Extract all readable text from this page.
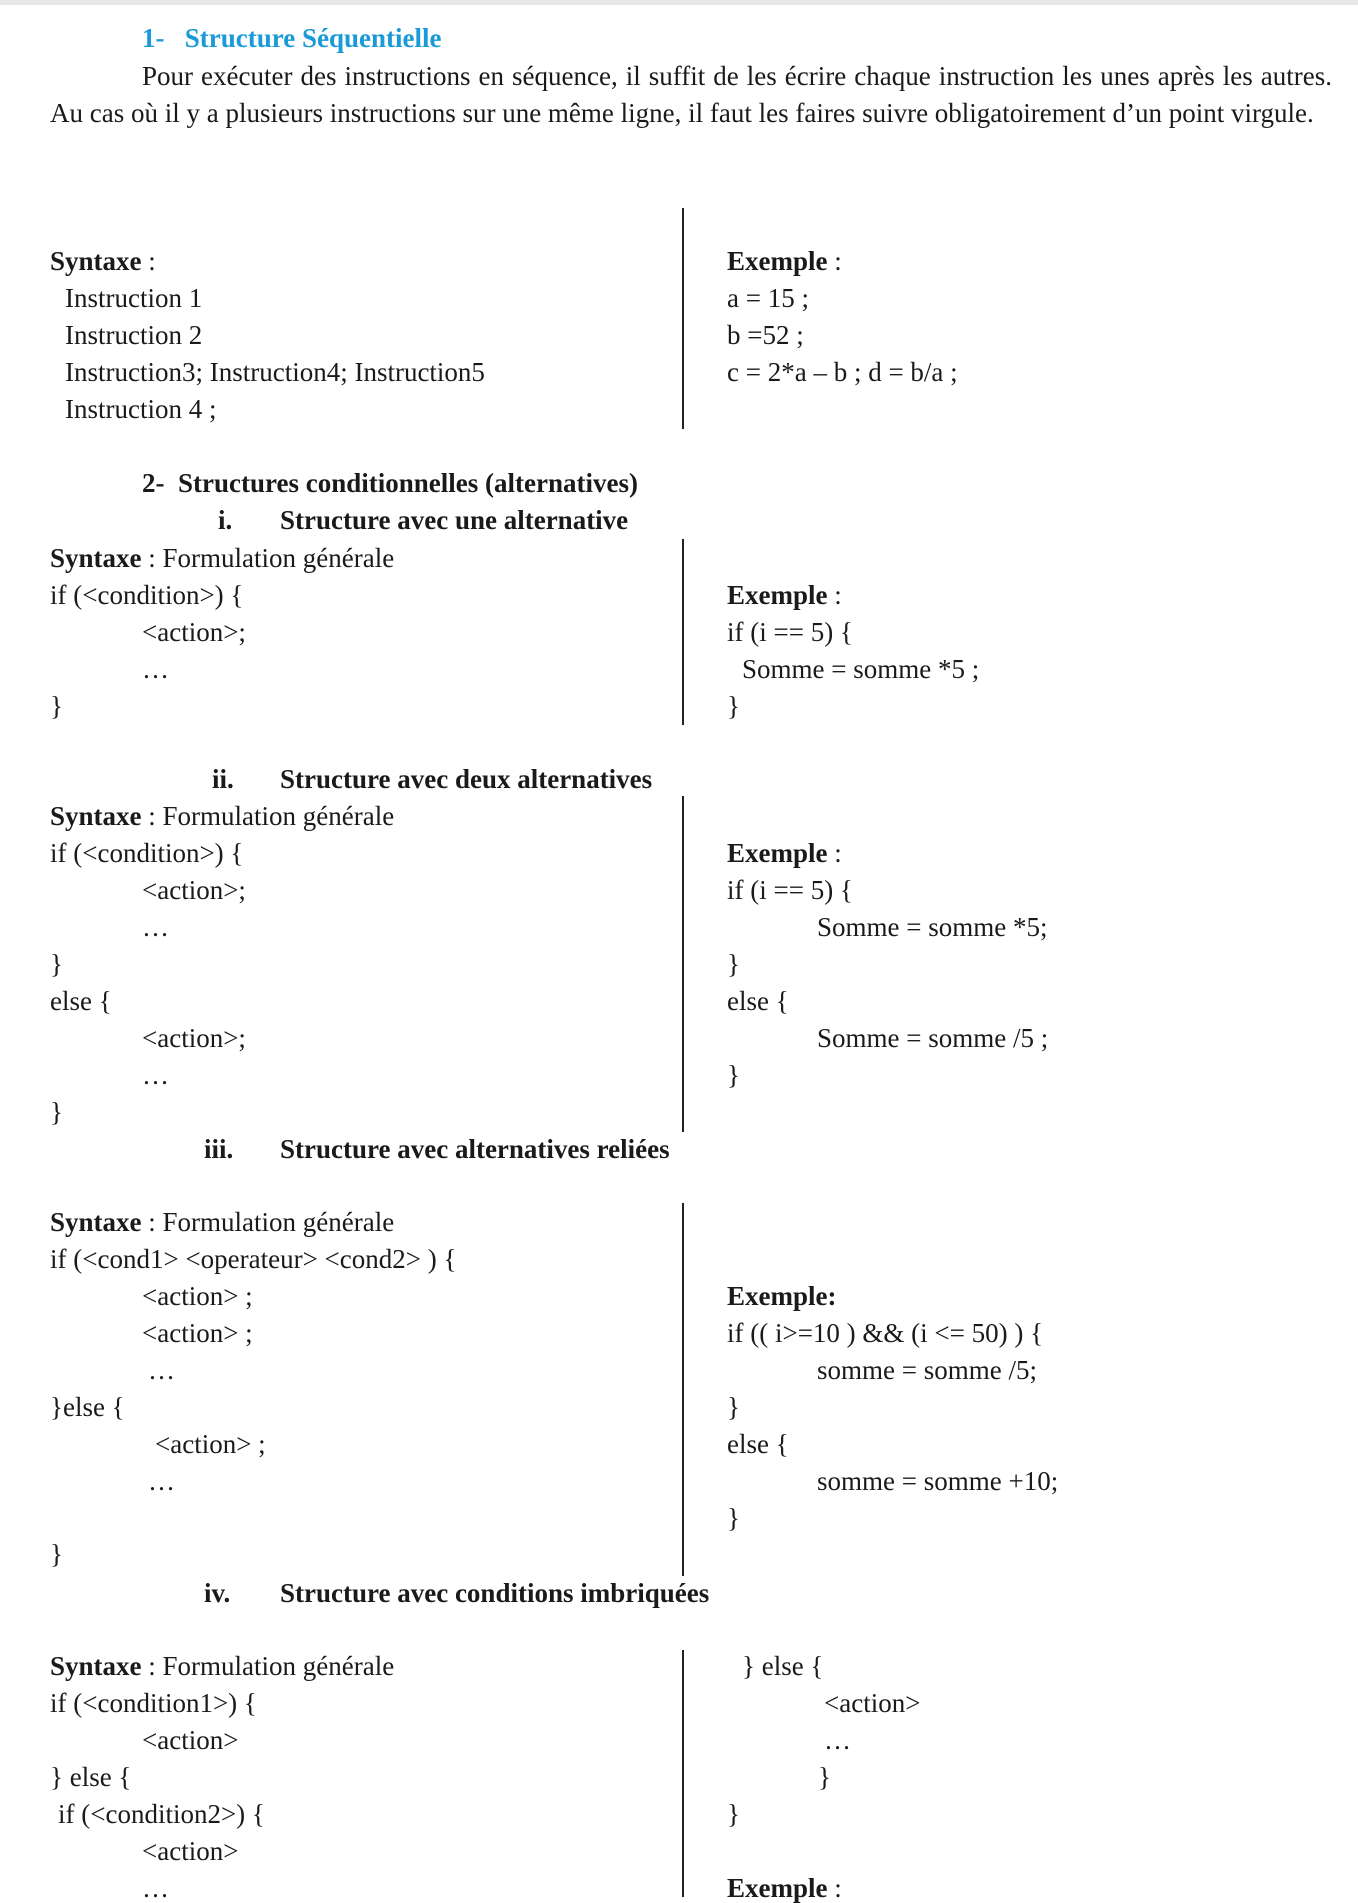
1- Structure Séquentielle
Pour exécuter des instructions en séquence, il suffit de les écrire chaque instruction les unes après les autres. Au cas où il y a plusieurs instructions sur une même ligne, il faut les faires suivre obligatoirement d’un point virgule.
Syntaxe :
Instruction 1
Instruction 2
Instruction3; Instruction4; Instruction5
Instruction 4 ;
Exemple :
a = 15 ;
b =52 ;
c = 2*a – b ; d = b/a ;
2- Structures conditionnelles (alternatives)
i. Structure avec une alternative
Syntaxe : Formulation générale
if (<condition>) {
<action>;
…
}
Exemple :
if (i == 5) {
Somme = somme *5 ;
}
ii. Structure avec deux alternatives
Syntaxe : Formulation générale
if (<condition>) {
<action>;
…
}
else {
<action>;
…
}
Exemple :
if (i == 5) {
Somme = somme *5;
}
else {
Somme = somme /5 ;
}
iii. Structure avec alternatives reliées
Syntaxe : Formulation générale
if (<cond1> <operateur> <cond2> ) {
<action> ;
<action> ;
…
}else {
<action> ;
…
}
Exemple:
if (( i>=10 ) && (i <= 50) ) {
somme = somme /5;
}
else {
somme = somme +10;
}
iv. Structure avec conditions imbriquées
Syntaxe : Formulation générale
if (<condition1>) {
<action>
} else {
if (<condition2>) {
<action>
…
} else {
<action>
…
}
}
Exemple :
